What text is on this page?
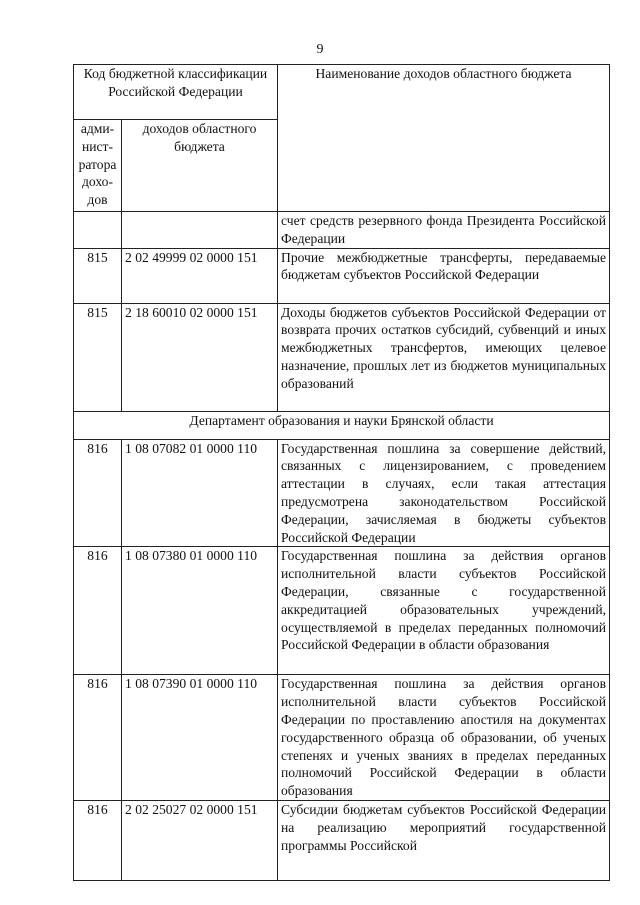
9
Код бюджетной классификации Российской Федерации		Наименование доходов областного бюджета
адми-нист-ратора дохо-дов	доходов областного бюджета	
		счет средств резервного фонда Президента Российской Федерации
815	2 02 49999 02 0000 151	Прочие межбюджетные трансферты, передаваемые бюджетам субъектов Российской Федерации
815	2 18 60010 02 0000 151	Доходы бюджетов субъектов Российской Федерации от возврата прочих остатков субсидий, субвенций и иных межбюджетных трансфертов, имеющих целевое назначение, прошлых лет из бюджетов муниципальных образований
Департамент образования и науки Брянской области		
816	1 08 07082 01 0000 110	Государственная пошлина за совершение действий, связанных с лицензированием, с проведением аттестации в случаях, если такая аттестация предусмотрена законодательством Российской Федерации, зачисляемая в бюджеты субъектов Российской Федерации
816	1 08 07380 01 0000 110	Государственная пошлина за действия органов исполнительной власти субъектов Российской Федерации, связанные с государственной аккредитацией образовательных учреждений, осуществляемой в пределах переданных полномочий Российской Федерации в области образования
816	1 08 07390 01 0000 110	Государственная пошлина за действия органов исполнительной власти субъектов Российской Федерации по проставлению апостиля на документах государственного образца об образовании, об ученых степенях и ученых званиях в пределах переданных полномочий Российской Федерации в области образования
816	2 02 25027 02 0000 151	Субсидии бюджетам субъектов Российской Федерации на реализацию мероприятий государственной программы Российской
